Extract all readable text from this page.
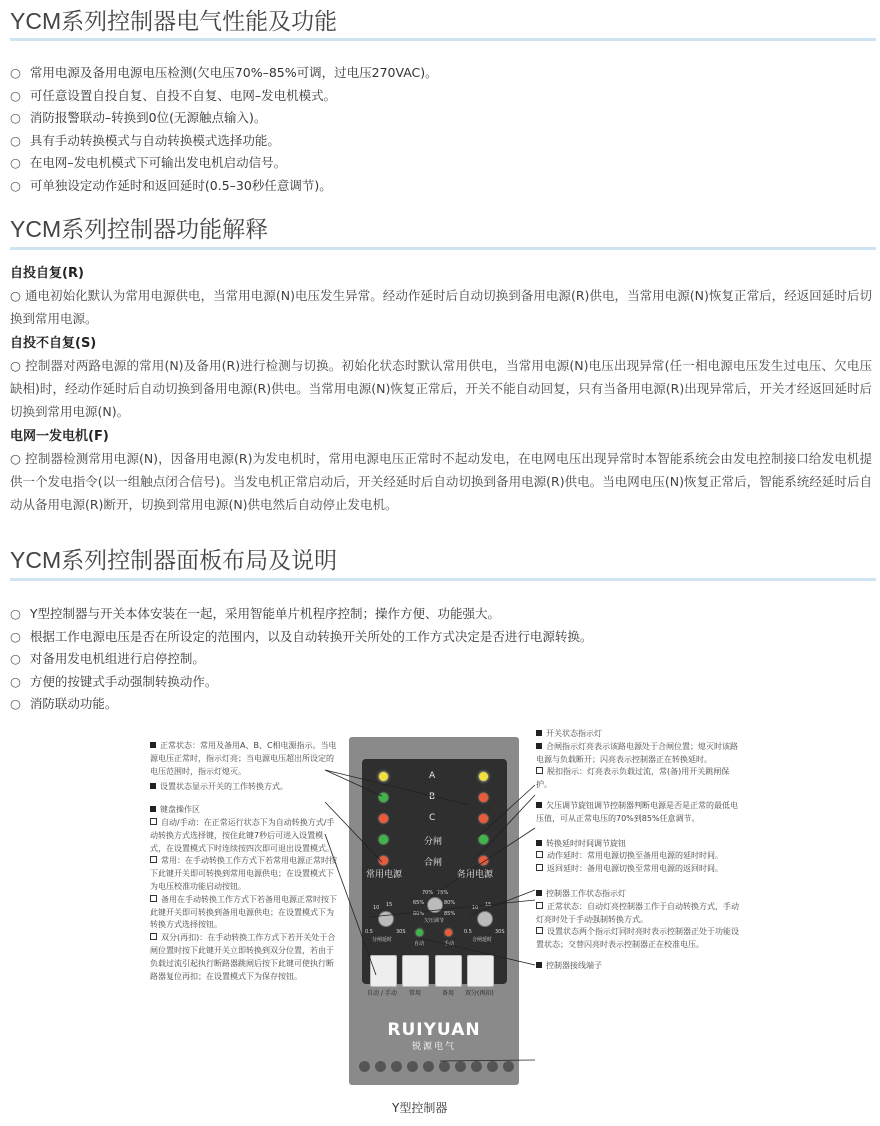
YCM系列控制器电气性能及功能
○ 常用电源及备用电源电压检测(欠电压70%–85%可调，过电压270VAC)。
○ 可任意设置自投自复、自投不自复、电网–发电机模式。
○ 消防报警联动–转换到0位(无源触点输入)。
○ 具有手动转换模式与自动转换模式选择功能。
○ 在电网–发电机模式下可输出发电机启动信号。
○ 可单独设定动作延时和返回延时(0.5–30秒任意调节)。
YCM系列控制器功能解释
自投自复(R)
○ 通电初始化默认为常用电源供电，当常用电源(N)电压发生异常。经动作延时后自动切换到备用电源(R)供电，当常用电源(N)恢复正常后，经返回延时后切换到常用电源。
自投不自复(S)
○ 控制器对两路电源的常用(N)及备用(R)进行检测与切换。初始化状态时默认常用供电，当常用电源(N)电压出现异常(任一相电源电压发生过电压、欠电压缺相)时，经动作延时后自动切换到备用电源(R)供电。当常用电源(N)恢复正常后，开关不能自动回复，只有当备用电源(R)出现异常后，开关才经返回延时后切换到常用电源(N)。
电网一发电机(F)
○ 控制器检测常用电源(N)，因备用电源(R)为发电机时，常用电源电压正常时不起动发电，在电网电压出现异常时本智能系统会由发电控制接口给发电机提供一个发电指令(以一组触点闭合信号)。当发电机正常启动后，开关经延时后自动切换到备用电源(R)供电。当电网电压(N)恢复正常后，智能系统经延时后自动从备用电源(R)断开，切换到常用电源(N)供电然后自动停止发电机。
YCM系列控制器面板布局及说明
○ Y型控制器与开关本体安装在一起，采用智能单片机程序控制；操作方便、功能强大。
○ 根据工作电源电压是否在所设定的范围内，以及自动转换开关所处的工作方式决定是否进行电源转换。
○ 对备用发电机组进行启停控制。
○ 方便的按键式手动强制转换动作。
○ 消防联动功能。
正常状态：常用及备用A、B、C相电源指示。当电源电压正常时，指示灯亮；当电源电压超出所设定的电压范围时，指示灯熄灭。
设置状态显示开关的工作转换方式。
键盘操作区
自动/手动：在正常运行状态下为自动转换方式/手动转换方式选择键，按住此键7秒后可进入设置模式，在设置模式下时连续按四次即可退出设置模式。
常用：在手动转换工作方式下若常用电源正常时按下此键开关即可转换到常用电源供电；在设置模式下为电压校准功能启动按钮。
备用在手动转换工作方式下若备用电源正常时按下此键开关即可转换到备用电源供电；在设置模式下为转换方式选择按钮。
双分(再扣)：在手动转换工作方式下若开关处于合闸位置时按下此键开关立即转换到双分位置，若由于负载过流引起执行断路器跳闸后按下此键可使执行断路器复位再扣；在设置模式下为保存按钮。
开关状态指示灯
合闸指示灯亮表示该路电源处于合闸位置；熄灭时该路电源与负载断开；闪亮表示控制器正在转换延时。
脱扣指示：灯亮表示负载过流，常(备)用开关跳闸保护。
欠压调节旋钮调节控制器判断电源是否是正常的最低电压值，可从正常电压的70%到85%任意调节。
转换延时时间调节旋钮
动作延时：常用电源切换至备用电源的延时时间。
返回延时：备用电源切换至常用电源的返回时间。
控制器工作状态指示灯
正常状态：自动灯亮控制器工作于自动转换方式，手动灯亮时处于手动强制转换方式。
设置状态两个指示灯同时亮时表示控制器正处于功能设置状态；交替闪亮时表示控制器正在校准电压。
控制器接线端子
A
B
C
分闸
合闸
常用电源	备用电源
10 15
0.5	30S
10 15
0.5	30S
70% 75%
65%	80%
60%	85%
分闸延时
欠压调节
合闸延时
自动	手动
自动 / 手动 常用	备用 双分(再扣)
RUIYUAN
锐源电气
Y型控制器
